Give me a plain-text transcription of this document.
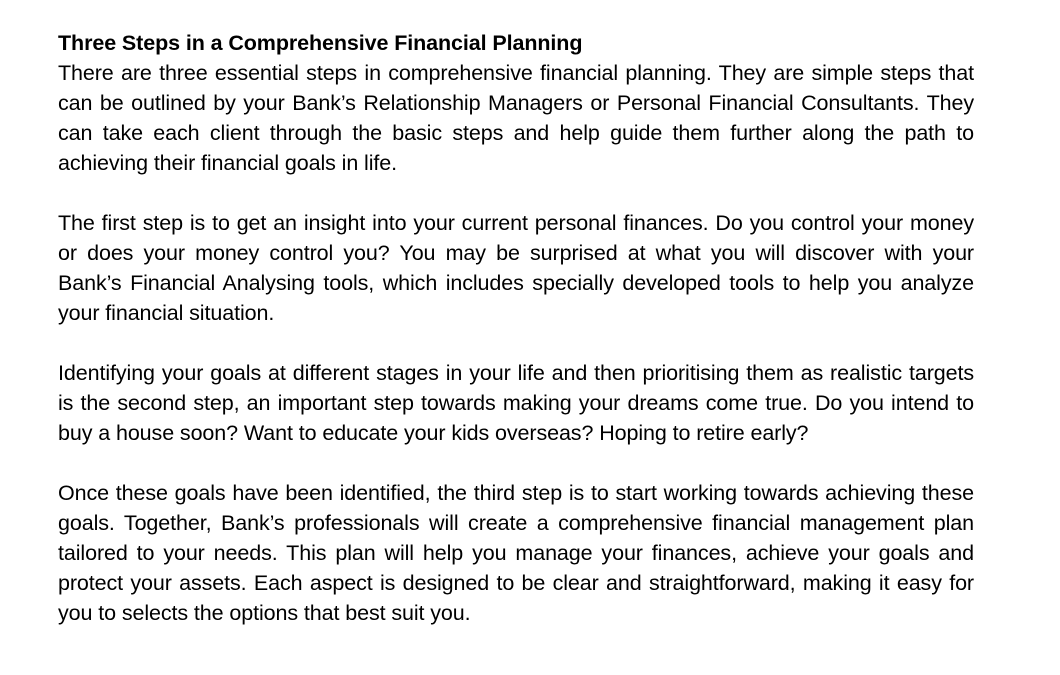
Three Steps in a Comprehensive Financial Planning

There are three essential steps in comprehensive financial planning. They are simple steps that can be outlined by your Bank’s Relationship Managers or Personal Financial Consultants. They can take each client through the basic steps and help guide them further along the path to achieving their financial goals in life.

The first step is to get an insight into your current personal finances. Do you control your money or does your money control you? You may be surprised at what you will discover with your Bank’s Financial Analysing tools, which includes specially developed tools to help you analyze your financial situation.

Identifying your goals at different stages in your life and then prioritising them as realistic targets is the second step, an important step towards making your dreams come true. Do you intend to buy a house soon? Want to educate your kids overseas? Hoping to retire early?

Once these goals have been identified, the third step is to start working towards achieving these goals. Together, Bank’s professionals will create a comprehensive financial management plan tailored to your needs. This plan will help you manage your finances, achieve your goals and protect your assets. Each aspect is designed to be clear and straightforward, making it easy for you to selects the options that best suit you.
